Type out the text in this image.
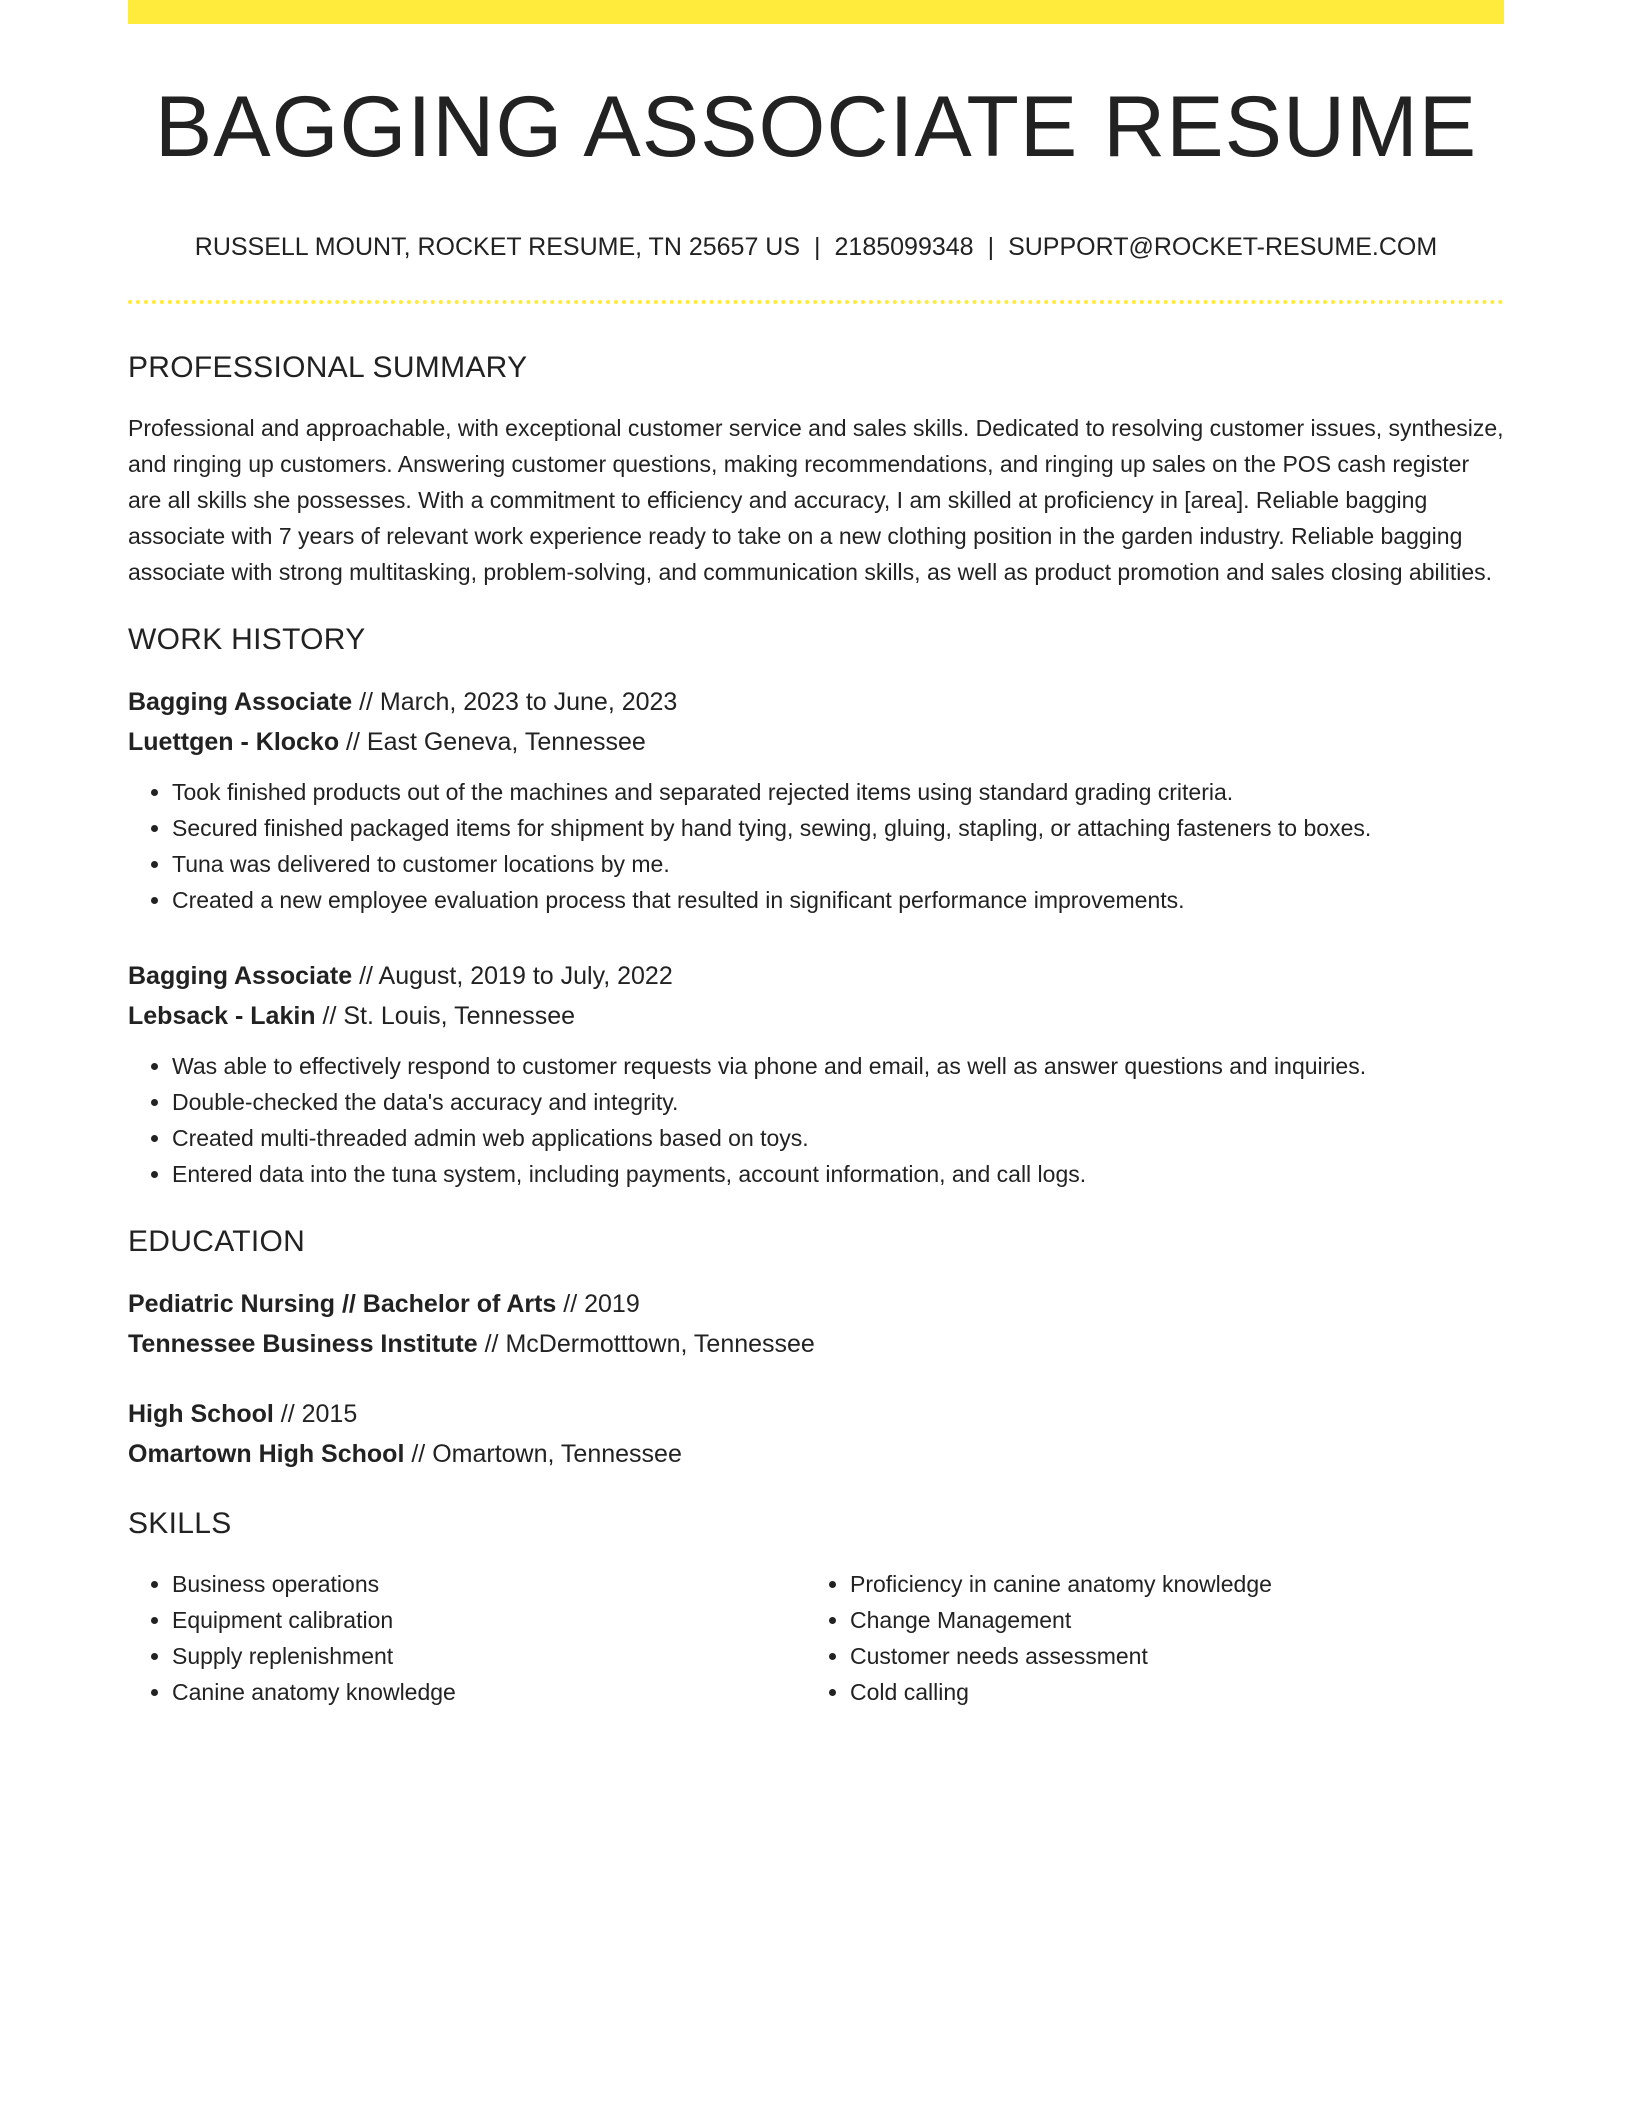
BAGGING ASSOCIATE RESUME
RUSSELL MOUNT, ROCKET RESUME, TN 25657 US | 2185099348 | SUPPORT@ROCKET-RESUME.COM
PROFESSIONAL SUMMARY

Professional and approachable, with exceptional customer service and sales skills. Dedicated to resolving customer issues, synthesize, and ringing up customers. Answering customer questions, making recommendations, and ringing up sales on the POS cash register are all skills she possesses. With a commitment to efficiency and accuracy, I am skilled at proficiency in [area]. Reliable bagging associate with 7 years of relevant work experience ready to take on a new clothing position in the garden industry. Reliable bagging associate with strong multitasking, problem-solving, and communication skills, as well as product promotion and sales closing abilities.

WORK HISTORY
Bagging Associate // March, 2023 to June, 2023
Luettgen - Klocko // East Geneva, Tennessee
• Took finished products out of the machines and separated rejected items using standard grading criteria.
• Secured finished packaged items for shipment by hand tying, sewing, gluing, stapling, or attaching fasteners to boxes.
• Tuna was delivered to customer locations by me.
• Created a new employee evaluation process that resulted in significant performance improvements.
Bagging Associate // August, 2019 to July, 2022
Lebsack - Lakin // St. Louis, Tennessee
• Was able to effectively respond to customer requests via phone and email, as well as answer questions and inquiries.
• Double-checked the data's accuracy and integrity.
• Created multi-threaded admin web applications based on toys.
• Entered data into the tuna system, including payments, account information, and call logs.
EDUCATION
Pediatric Nursing // Bachelor of Arts // 2019
Tennessee Business Institute // McDermotttown, Tennessee
High School // 2015
Omartown High School // Omartown, Tennessee
SKILLS
• Business operations
• Equipment calibration
• Supply replenishment
• Canine anatomy knowledge
• Proficiency in canine anatomy knowledge
• Change Management
• Customer needs assessment
• Cold calling
